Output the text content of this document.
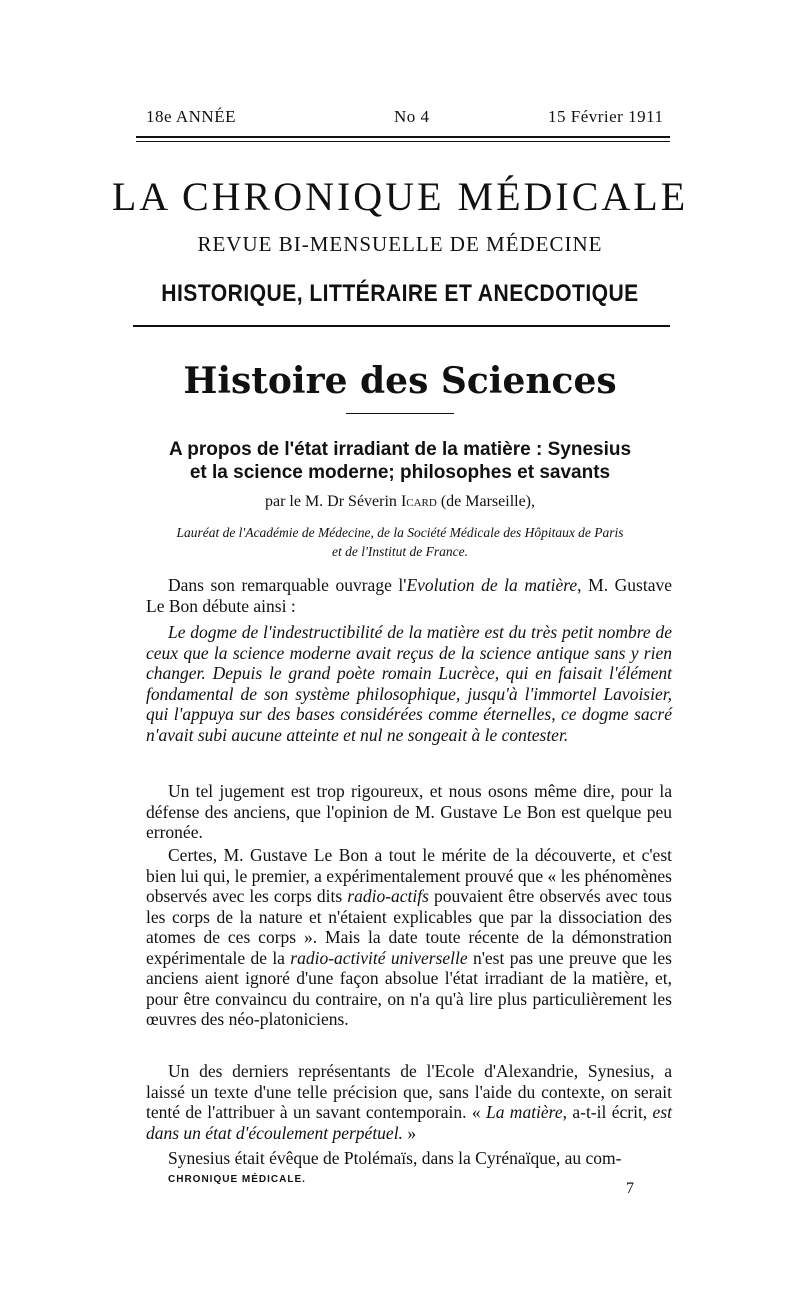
18e ANNÉE	No 4	15 Février 1911
LA CHRONIQUE MÉDICALE
REVUE BI-MENSUELLE DE MÉDECINE
HISTORIQUE, LITTÉRAIRE ET ANECDOTIQUE
Histoire des Sciences
A propos de l'état irradiant de la matière : Synesius
et la science moderne; philosophes et savants
par le M. Dr Séverin Icard (de Marseille),
Lauréat de l'Académie de Médecine, de la Société Médicale des Hôpitaux de Paris
et de l'Institut de France.
Dans son remarquable ouvrage l'Evolution de la matière, M. Gustave Le Bon débute ainsi :
Le dogme de l'indestructibilité de la matière est du très petit nombre de ceux que la science moderne avait reçus de la science antique sans y rien changer. Depuis le grand poète romain Lucrèce, qui en faisait l'élément fondamental de son système philosophique, jusqu'à l'immortel Lavoisier, qui l'appuya sur des bases considérées comme éternelles, ce dogme sacré n'avait subi aucune atteinte et nul ne songeait à le contester.
Un tel jugement est trop rigoureux, et nous osons même dire, pour la défense des anciens, que l'opinion de M. Gustave Le Bon est quelque peu erronée.
Certes, M. Gustave Le Bon a tout le mérite de la découverte, et c'est bien lui qui, le premier, a expérimentalement prouvé que « les phénomènes observés avec les corps dits radio-actifs pouvaient être observés avec tous les corps de la nature et n'étaient explicables que par la dissociation des atomes de ces corps ». Mais la date toute récente de la démonstration expérimentale de la radio-activité universelle n'est pas une preuve que les anciens aient ignoré d'une façon absolue l'état irradiant de la matière, et, pour être convaincu du contraire, on n'a qu'à lire plus particulièrement les œuvres des néo-platoniciens.
Un des derniers représentants de l'Ecole d'Alexandrie, Synesius, a laissé un texte d'une telle précision que, sans l'aide du contexte, on serait tenté de l'attribuer à un savant contemporain. « La matière, a-t-il écrit, est dans un état d'écoulement perpétuel. »
Synesius était évêque de Ptolémaïs, dans la Cyrénaïque, au com-
CHRONIQUE MÉDICALE.
7
